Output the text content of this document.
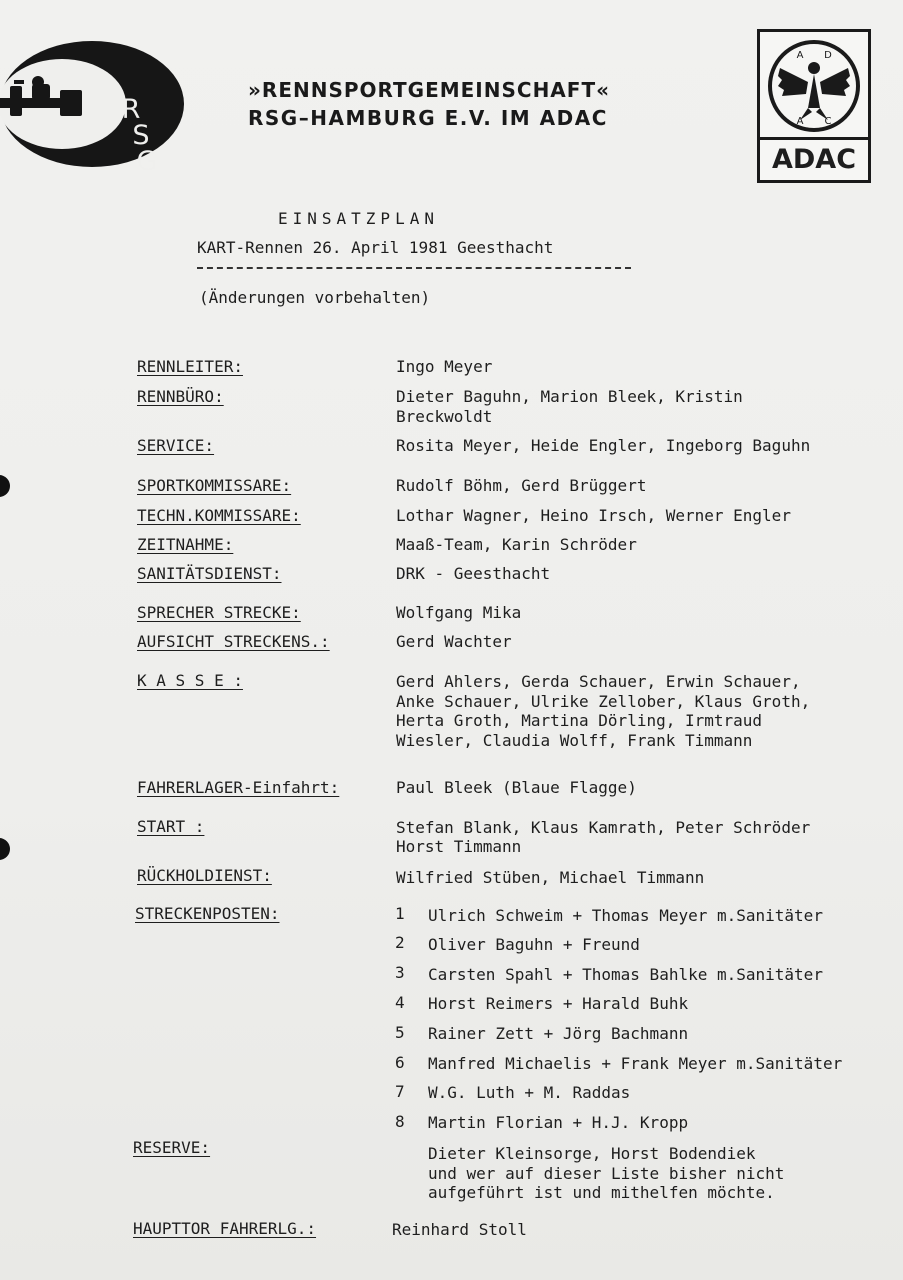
R
S
G
»RENNSPORTGEMEINSCHAFT«
RSG–HAMBURG E.V. IM ADAC
A D
A C
ADAC
EINSATZPLAN
KART-Rennen 26. April 1981 Geesthacht
(Änderungen vorbehalten)
RENNLEITER:	Ingo Meyer
RENNBÜRO:	Dieter Baguhn, Marion Bleek, Kristin
Breckwoldt
SERVICE:	Rosita Meyer, Heide Engler, Ingeborg Baguhn
SPORTKOMMISSARE:	Rudolf Böhm, Gerd Brüggert
TECHN.KOMMISSARE:	Lothar Wagner, Heino Irsch, Werner Engler
ZEITNAHME:	Maaß-Team, Karin Schröder
SANITÄTSDIENST:	DRK - Geesthacht
SPRECHER STRECKE:	Wolfgang Mika
AUFSICHT STRECKENS.:	Gerd Wachter
K A S S E :	Gerd Ahlers, Gerda Schauer, Erwin Schauer,
Anke Schauer, Ulrike Zellober, Klaus Groth,
Herta Groth, Martina Dörling, Irmtraud
Wiesler, Claudia Wolff, Frank Timmann
FAHRERLAGER-Einfahrt:	Paul Bleek (Blaue Flagge)
START :	Stefan Blank, Klaus Kamrath, Peter Schröder
Horst Timmann
RÜCKHOLDIENST:	Wilfried Stüben, Michael Timmann
STRECKENPOSTEN:	1 Ulrich Schweim + Thomas Meyer m.Sanitäter
2 Oliver Baguhn + Freund
3 Carsten Spahl + Thomas Bahlke m.Sanitäter
4 Horst Reimers + Harald Buhk
5 Rainer Zett + Jörg Bachmann
6 Manfred Michaelis + Frank Meyer m.Sanitäter
7 W.G. Luth + M. Raddas
8 Martin Florian + H.J. Kropp
RESERVE:	Dieter Kleinsorge, Horst Bodendiek
und wer auf dieser Liste bisher nicht
aufgeführt ist und mithelfen möchte.
HAUPTTOR FAHRERLG.:	Reinhard Stoll
